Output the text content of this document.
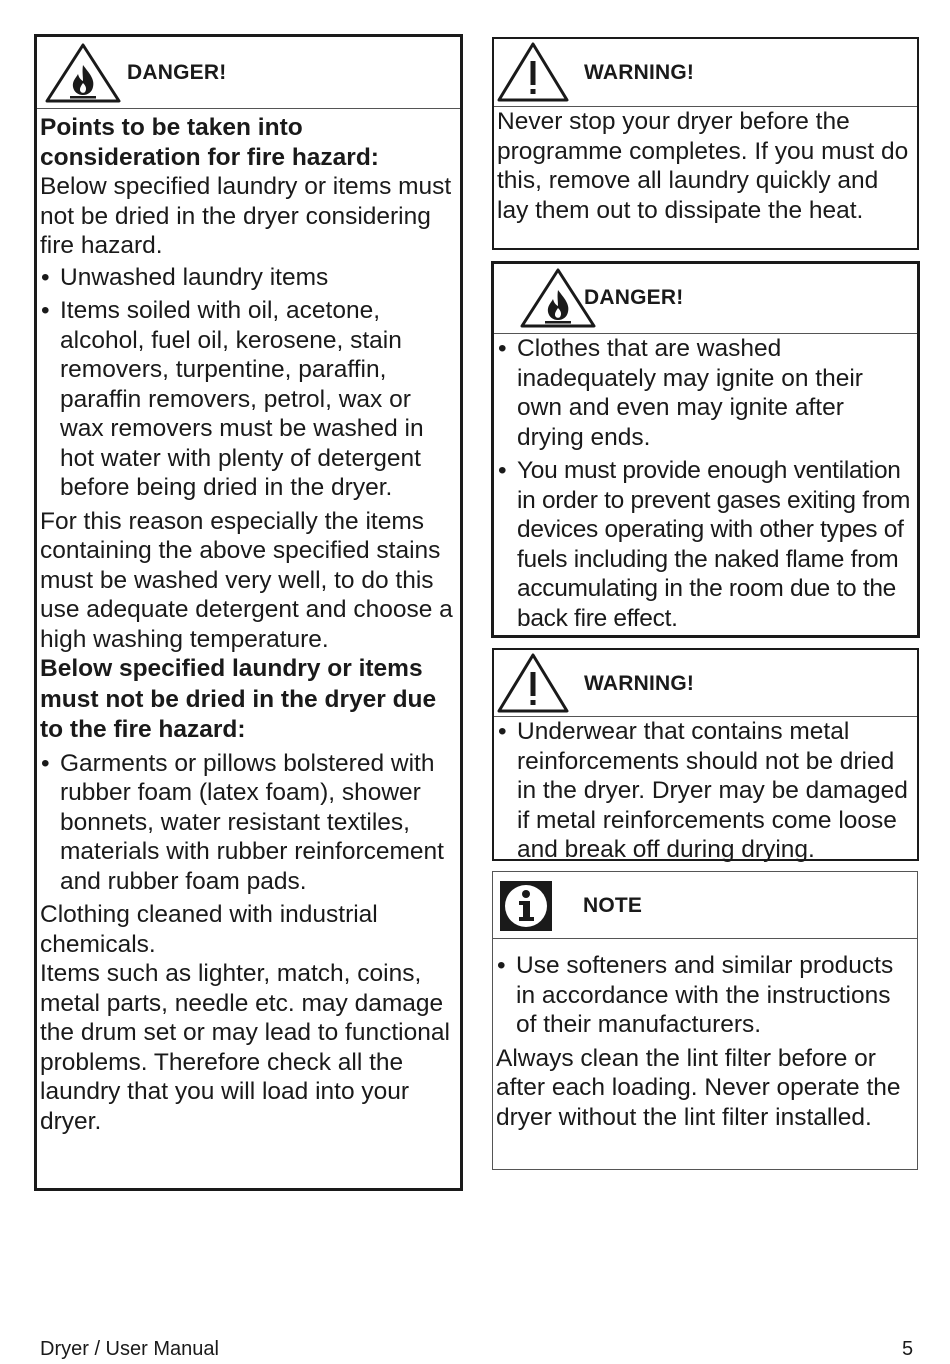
DANGER!

Points to be taken into consideration for fire hazard:

Below specified laundry or items must not be dried in the dryer considering fire hazard.

• Unwashed laundry items
• Items soiled with oil, acetone, alcohol, fuel oil, kerosene, stain removers, turpentine, paraffin, paraffin removers, petrol, wax or wax removers must be washed in hot water with plenty of detergent before being dried in the dryer.

For this reason especially the items containing the above specified stains must be washed very well, to do this use adequate detergent and choose a high washing temperature.

Below specified laundry or items must not be dried in the dryer due to the fire hazard:

• Garments or pillows bolstered with rubber foam (latex foam), shower bonnets, water resistant textiles, materials with rubber reinforcement and rubber foam pads.

Clothing cleaned with industrial chemicals.

Items such as lighter, match, coins, metal parts, needle etc. may damage the drum set or may lead to functional problems. Therefore check all the laundry that you will load into your dryer.

WARNING!

Never stop your dryer before the programme completes. If you must do this, remove all laundry quickly and lay them out to dissipate the heat.

DANGER!
• Clothes that are washed inadequately may ignite on their own and even may ignite after drying ends.
• You must provide enough ventilation in order to prevent gases exiting from devices operating with other types of fuels including the naked flame from accumulating in the room due to the back fire effect.
WARNING!
• Underwear that contains metal reinforcements should not be dried in the dryer. Dryer may be damaged if metal reinforcements come loose and break off during drying.
NOTE
• Use softeners and similar products in accordance with the instructions of their manufacturers.

Always clean the lint filter before or after each loading. Never operate the dryer without the lint filter installed.

Dryer / User Manual	5
